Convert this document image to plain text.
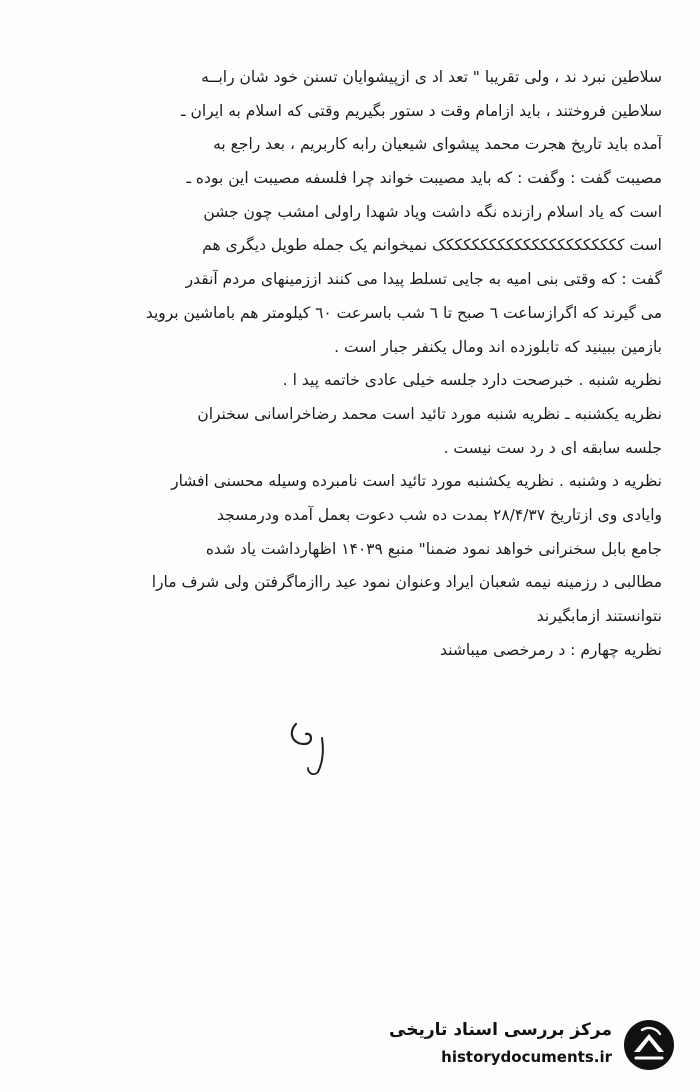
سلاطین نبرد ند ، ولی تقریبا " تعد اد ی ازپیشوایان تسنن خود شان رابــه
سلاطین فروختند ، باید ازامام وقت د ستور بگیریم وقتی که اسلام به ایران ـ
آمده باید تاریخ هجرت محمد پیشوای شیعیان رابه کاربریم ، بعد راجع به
مصیبت گفت : وگفت : که باید مصیبت خواند چرا فلسفه مصیبت این بوده ـ
است که یاد اسلام رازنده نگه داشت ویاد شهدا راولی امشب چون جشن
است کککککککککککککککککککککک نمیخوانم یک جمله طویل دیگری هم
گفت : که وقتی بنی امیه به جایی تسلط پیدا می کنند اززمینهای مردم آنقدر
می گیرند که اگرازساعت ٦ صبح تا ٦ شب باسرعت ٦٠ کیلومتر هم باماشین بروید
بازمین ببینید که تابلوزده اند ومال یکنفر جبار است .
نظریه شنبه . خبرصحت دارد جلسه خیلی عادی خاتمه پید ا .
نظریه یکشنبه ـ نظریه شنبه مورد تائید است محمد رضاخراسانی سخنران
جلسه سابقه ای د رد ست نیست .
نظریه د وشنبه . نظریه یکشنبه مورد تائید است نامبرده وسیله محسنی افشار
وایادی وی ازتاریخ ۲۸/۴/۳۷ بمدت ده شب دعوت بعمل آمده ودرمسجد
جامع بابل سخنرانی خواهد نمود ضمنا" منبع ۱۴۰۳۹ اظهارداشت یاد شده
مطالبی د رزمینه نیمه شعبان ایراد وعنوان نمود عید راازماگرفتن ولی شرف مارا
نتوانستند ازمابگیرند
نظریه چهارم : د رمرخصی میباشند
مرکز بررسی اسناد تاریخی
historydocuments.ir
